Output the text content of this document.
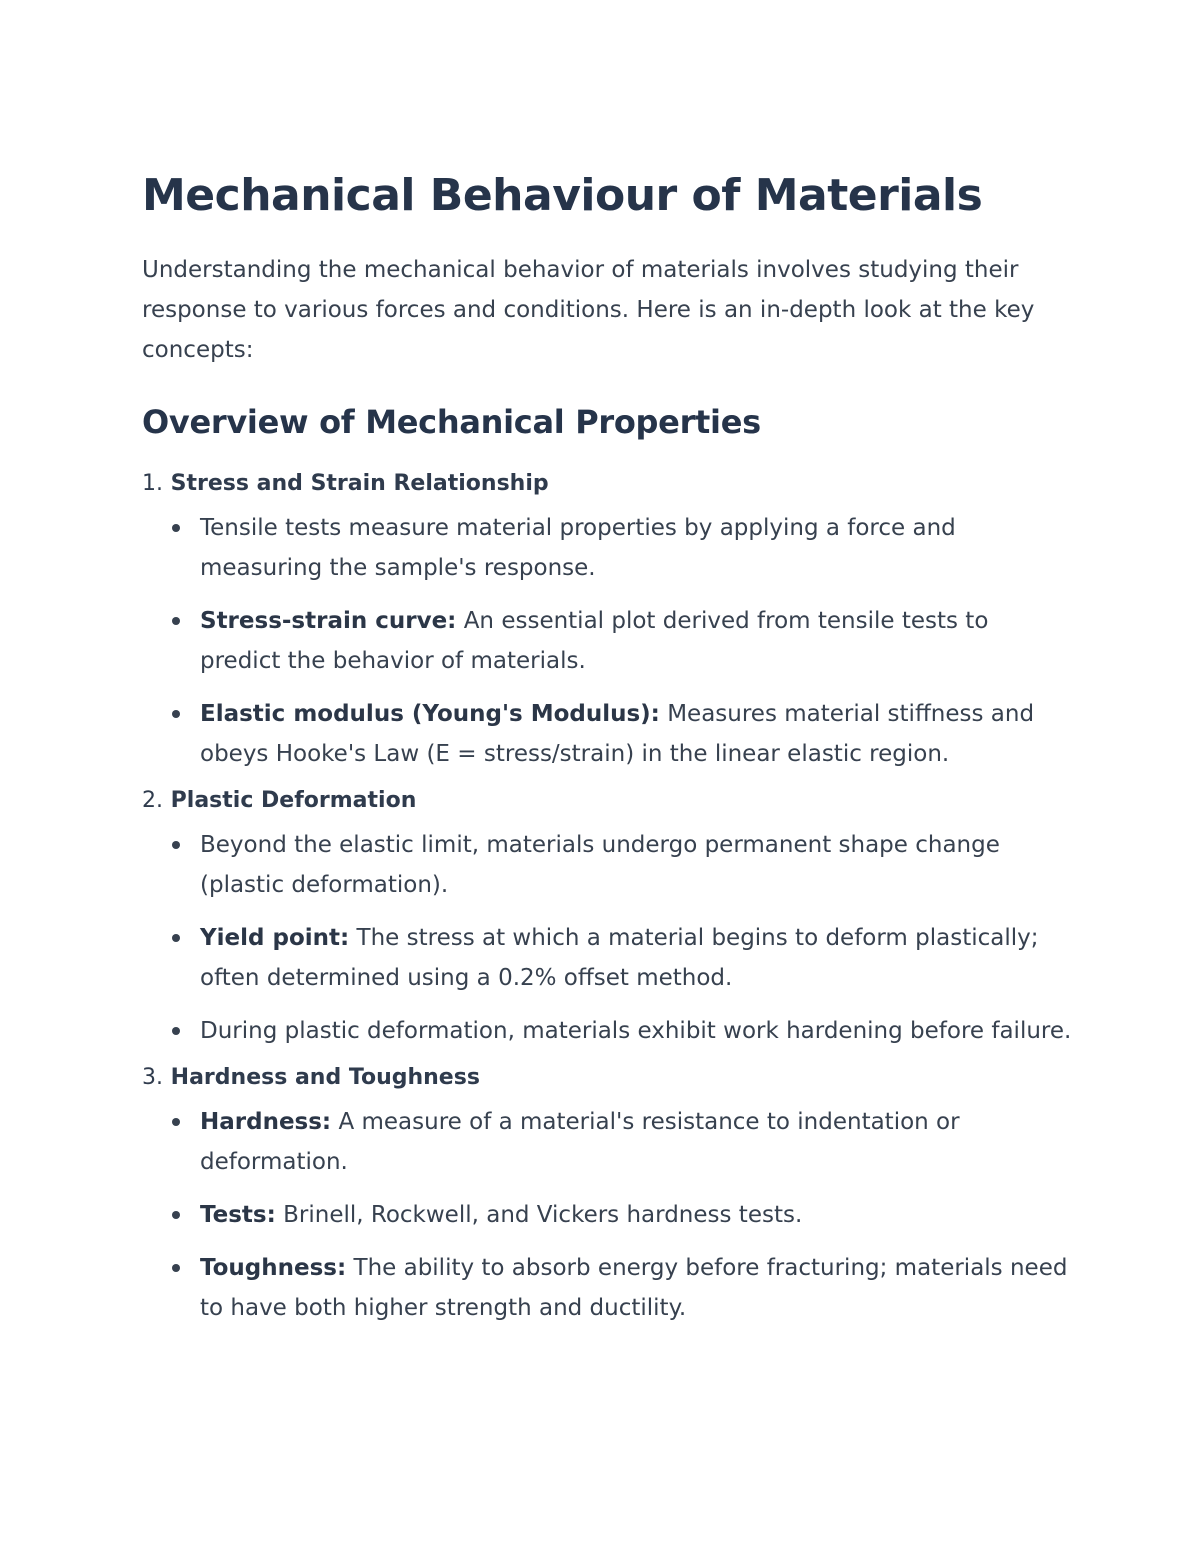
Mechanical Behaviour of Materials

Understanding the mechanical behavior of materials involves studying their response to various forces and conditions. Here is an in-depth look at the key concepts:

Overview of Mechanical Properties
1. Stress and Strain Relationship
Tensile tests measure material properties by applying a force and measuring the sample's response.
Stress-strain curve: An essential plot derived from tensile tests to predict the behavior of materials.
Elastic modulus (Young's Modulus): Measures material stiffness and obeys Hooke's Law (E = stress/strain) in the linear elastic region.
2. Plastic Deformation
Beyond the elastic limit, materials undergo permanent shape change (plastic deformation).
Yield point: The stress at which a material begins to deform plastically; often determined using a 0.2% offset method.
During plastic deformation, materials exhibit work hardening before failure.
3. Hardness and Toughness
Hardness: A measure of a material's resistance to indentation or deformation.
Tests: Brinell, Rockwell, and Vickers hardness tests.
Toughness: The ability to absorb energy before fracturing; materials need to have both higher strength and ductility.
